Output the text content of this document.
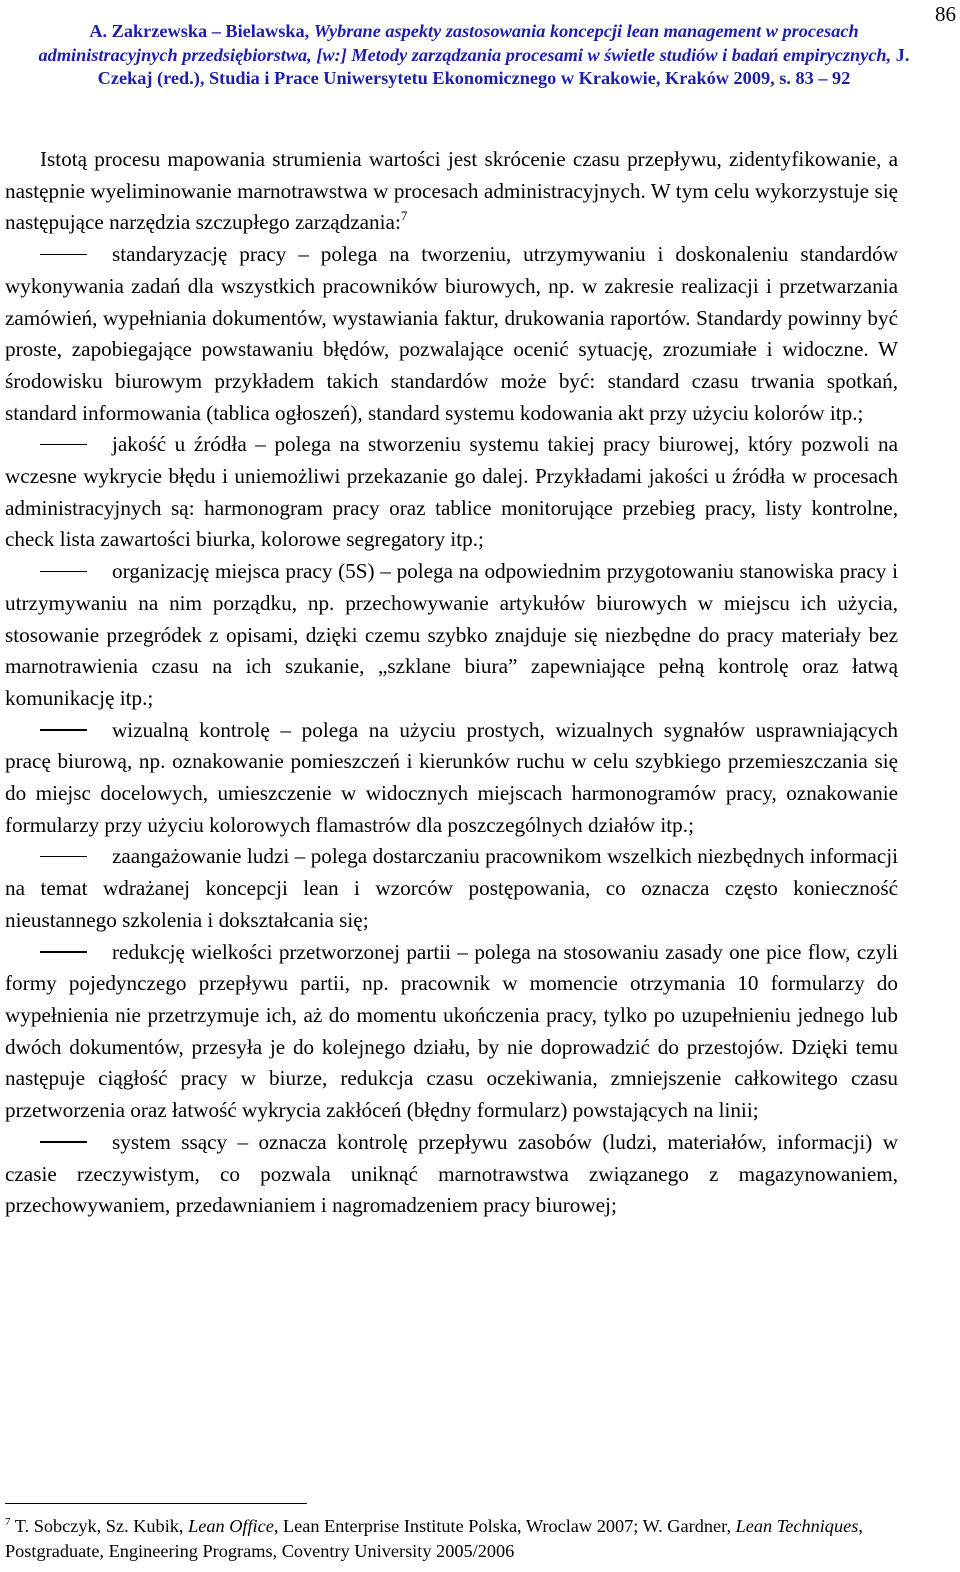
86
A. Zakrzewska – Bielawska, Wybrane aspekty zastosowania koncepcji lean management w procesach administracyjnych przedsiębiorstwa, [w:] Metody zarządzania procesami w świetle studiów i badań empirycznych, J. Czekaj (red.), Studia i Prace Uniwersytetu Ekonomicznego w Krakowie, Kraków 2009, s. 83 – 92

Istotą procesu mapowania strumienia wartości jest skrócenie czasu przepływu, zidentyfikowanie, a następnie wyeliminowanie marnotrawstwa w procesach administracyjnych. W tym celu wykorzystuje się następujące narzędzia szczupłego zarządzania:$^7$

standaryzację pracy – polega na tworzeniu, utrzymywaniu i doskonaleniu standardów wykonywania zadań dla wszystkich pracowników biurowych, np. w zakresie realizacji i przetwarzania zamówień, wypełniania dokumentów, wystawiania faktur, drukowania raportów. Standardy powinny być proste, zapobiegające powstawaniu błędów, pozwalające ocenić sytuację, zrozumiałe i widoczne. W środowisku biurowym przykładem takich standardów może być: standard czasu trwania spotkań, standard informowania (tablica ogłoszeń), standard systemu kodowania akt przy użyciu kolorów itp.;

jakość u źródła – polega na stworzeniu systemu takiej pracy biurowej, który pozwoli na wczesne wykrycie błędu i uniemożliwi przekazanie go dalej. Przykładami jakości u źródła w procesach administracyjnych są: harmonogram pracy oraz tablice monitorujące przebieg pracy, listy kontrolne, check lista zawartości biurka, kolorowe segregatory itp.;

organizację miejsca pracy (5S) – polega na odpowiednim przygotowaniu stanowiska pracy i utrzymywaniu na nim porządku, np. przechowywanie artykułów biurowych w miejscu ich użycia, stosowanie przegródek z opisami, dzięki czemu szybko znajduje się niezbędne do pracy materiały bez marnotrawienia czasu na ich szukanie, „szklane biura” zapewniające pełną kontrolę oraz łatwą komunikację itp.;

wizualną kontrolę – polega na użyciu prostych, wizualnych sygnałów usprawniających pracę biurową, np. oznakowanie pomieszczeń i kierunków ruchu w celu szybkiego przemieszczania się do miejsc docelowych, umieszczenie w widocznych miejscach harmonogramów pracy, oznakowanie formularzy przy użyciu kolorowych flamastrów dla poszczególnych działów itp.;

zaangażowanie ludzi – polega dostarczaniu pracownikom wszelkich niezbędnych informacji na temat wdrażanej koncepcji lean i wzorców postępowania, co oznacza często konieczność nieustannego szkolenia i dokształcania się;

redukcję wielkości przetworzonej partii – polega na stosowaniu zasady one pice flow, czyli formy pojedynczego przepływu partii, np. pracownik w momencie otrzymania 10 formularzy do wypełnienia nie przetrzymuje ich, aż do momentu ukończenia pracy, tylko po uzupełnieniu jednego lub dwóch dokumentów, przesyła je do kolejnego działu, by nie doprowadzić do przestojów. Dzięki temu następuje ciągłość pracy w biurze, redukcja czasu oczekiwania, zmniejszenie całkowitego czasu przetworzenia oraz łatwość wykrycia zakłóceń (błędny formularz) powstających na linii;

system ssący – oznacza kontrolę przepływu zasobów (ludzi, materiałów, informacji) w czasie rzeczywistym, co pozwala uniknąć marnotrawstwa związanego z magazynowaniem, przechowywaniem, przedawnianiem i nagromadzeniem pracy biurowej;

$^7$ T. Sobczyk, Sz. Kubik, Lean Office, Lean Enterprise Institute Polska, Wroclaw 2007; W. Gardner, Lean Techniques, Postgraduate, Engineering Programs, Coventry University 2005/2006
